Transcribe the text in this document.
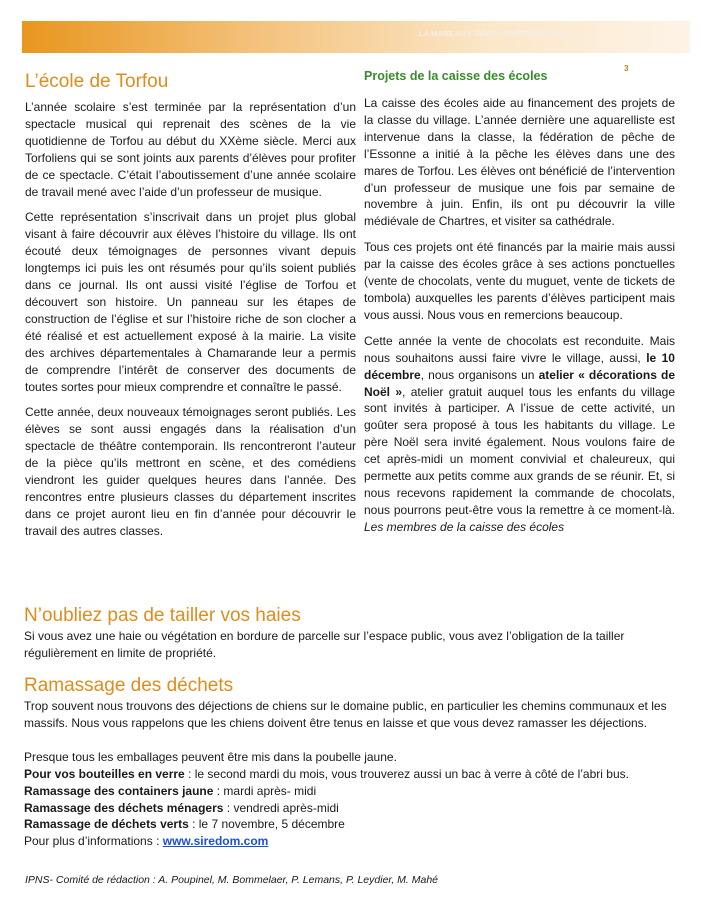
LA MARE AUX INFOS –PRINTEMPS 2022
3
L’école de Torfou

L’année scolaire s’est terminée par la représentation d’un spectacle musical qui reprenait des scènes de la vie quotidienne de Torfou au début du XXème siècle. Merci aux Torfoliens qui se sont joints aux parents d’élèves pour profiter de ce spectacle. C’était l’aboutissement d’une année scolaire de travail mené avec l’aide d’un professeur de musique.

Cette représentation s’inscrivait dans un projet plus global visant à faire découvrir aux élèves l’histoire du village. Ils ont écouté deux témoignages de personnes vivant depuis longtemps ici puis les ont résumés pour qu’ils soient publiés dans ce journal. Ils ont aussi visité l’église de Torfou et découvert son histoire. Un panneau sur les étapes de construction de l’église et sur l’histoire riche de son clocher a été réalisé et est actuellement exposé à la mairie. La visite des archives départementales à Chamarande leur a permis de comprendre l’intérêt de conserver des documents de toutes sortes pour mieux comprendre et connaître le passé.

Cette année, deux nouveaux témoignages seront publiés. Les élèves se sont aussi engagés dans la réalisation d’un spectacle de théâtre contemporain. Ils rencontreront l’auteur de la pièce qu’ils mettront en scène, et des comédiens viendront les guider quelques heures dans l’année. Des rencontres entre plusieurs classes du département inscrites dans ce projet auront lieu en fin d’année pour découvrir le travail des autres classes.

Projets de la caisse des écoles

La caisse des écoles aide au financement des projets de la classe du village. L’année dernière une aquarelliste est intervenue dans la classe, la fédération de pêche de l’Essonne a initié à la pêche les élèves dans une des mares de Torfou. Les élèves ont bénéficié de l’intervention d’un professeur de musique une fois par semaine de novembre à juin. Enfin, ils ont pu découvrir la ville médiévale de Chartres, et visiter sa cathédrale.

Tous ces projets ont été financés par la mairie mais aussi par la caisse des écoles grâce à ses actions ponctuelles (vente de chocolats, vente du muguet, vente de tickets de tombola) auxquelles les parents d’élèves participent mais vous aussi. Nous vous en remercions beaucoup.

Cette année la vente de chocolats est reconduite. Mais nous souhaitons aussi faire vivre le village, aussi, le 10 décembre, nous organisons un atelier « décorations de Noël », atelier gratuit auquel tous les enfants du village sont invités à participer. A l’issue de cette activité, un goûter sera proposé à tous les habitants du village. Le père Noël sera invité également. Nous voulons faire de cet après-midi un moment convivial et chaleureux, qui permette aux petits comme aux grands de se réunir. Et, si nous recevons rapidement la commande de chocolats, nous pourrons peut-être vous la remettre à ce moment-là. Les membres de la caisse des écoles

N’oubliez pas de tailler vos haies

Si vous avez une haie ou végétation en bordure de parcelle sur l’espace public, vous avez l’obligation de la tailler régulièrement en limite de propriété.

Ramassage des déchets

Trop souvent nous trouvons des déjections de chiens sur le domaine public, en particulier les chemins communaux et les massifs. Nous vous rappelons que les chiens doivent être tenus en laisse et que vous devez ramasser les déjections.

Presque tous les emballages peuvent être mis dans la poubelle jaune.

Pour vos bouteilles en verre : le second mardi du mois, vous trouverez aussi un bac à verre à côté de l’abri bus.

Ramassage des containers jaune : mardi après- midi

Ramassage des déchets ménagers : vendredi après-midi

Ramassage de déchets verts : le 7 novembre, 5 décembre

Pour plus d’informations : www.siredom.com

IPNS- Comité de rédaction : A. Poupinel, M. Bommelaer, P. Lemans, P. Leydier, M. Mahé
